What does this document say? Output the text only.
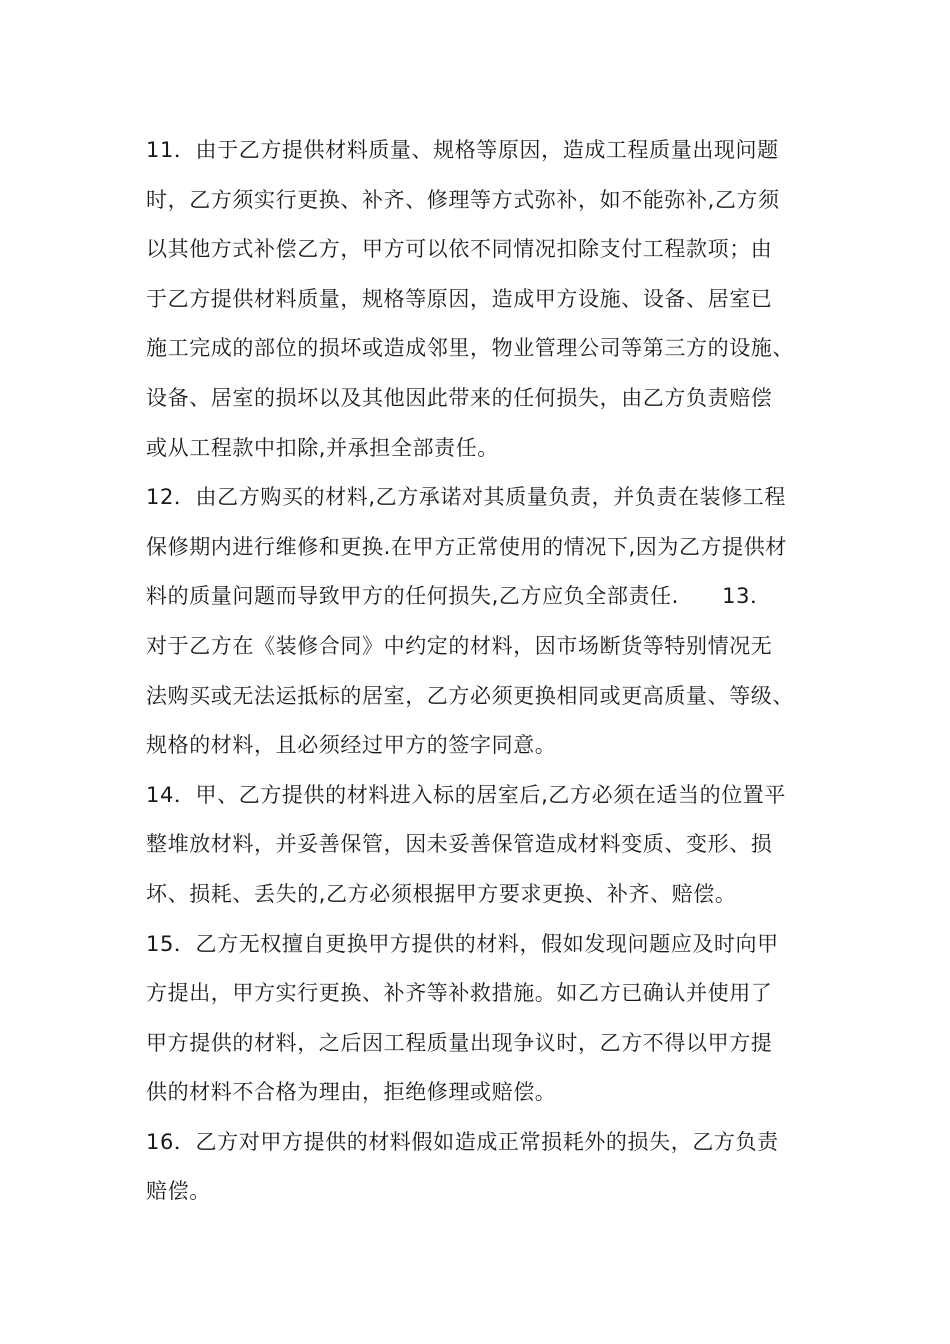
11．由于乙方提供材料质量、规格等原因，造成工程质量出现问题
时，乙方须实行更换、补齐、修理等方式弥补，如不能弥补,乙方须
以其他方式补偿乙方，甲方可以依不同情况扣除支付工程款项；由
于乙方提供材料质量，规格等原因，造成甲方设施、设备、居室已
施工完成的部位的损坏或造成邻里，物业管理公司等第三方的设施、
设备、居室的损坏以及其他因此带来的任何损失，由乙方负责赔偿
或从工程款中扣除,并承担全部责任。
12．由乙方购买的材料,乙方承诺对其质量负责，并负责在装修工程
保修期内进行维修和更换.在甲方正常使用的情况下,因为乙方提供材
料的质量问题而导致甲方的任何损失,乙方应负全部责任.　　13．
对于乙方在《装修合同》中约定的材料，因市场断货等特别情况无
法购买或无法运抵标的居室，乙方必须更换相同或更高质量、等级、
规格的材料，且必须经过甲方的签字同意。
14．甲、乙方提供的材料进入标的居室后,乙方必须在适当的位置平
整堆放材料，并妥善保管，因未妥善保管造成材料变质、变形、损
坏、损耗、丢失的,乙方必须根据甲方要求更换、补齐、赔偿。
15．乙方无权擅自更换甲方提供的材料，假如发现问题应及时向甲
方提出，甲方实行更换、补齐等补救措施。如乙方已确认并使用了
甲方提供的材料，之后因工程质量出现争议时，乙方不得以甲方提
供的材料不合格为理由，拒绝修理或赔偿。
16．乙方对甲方提供的材料假如造成正常损耗外的损失，乙方负责
赔偿。
